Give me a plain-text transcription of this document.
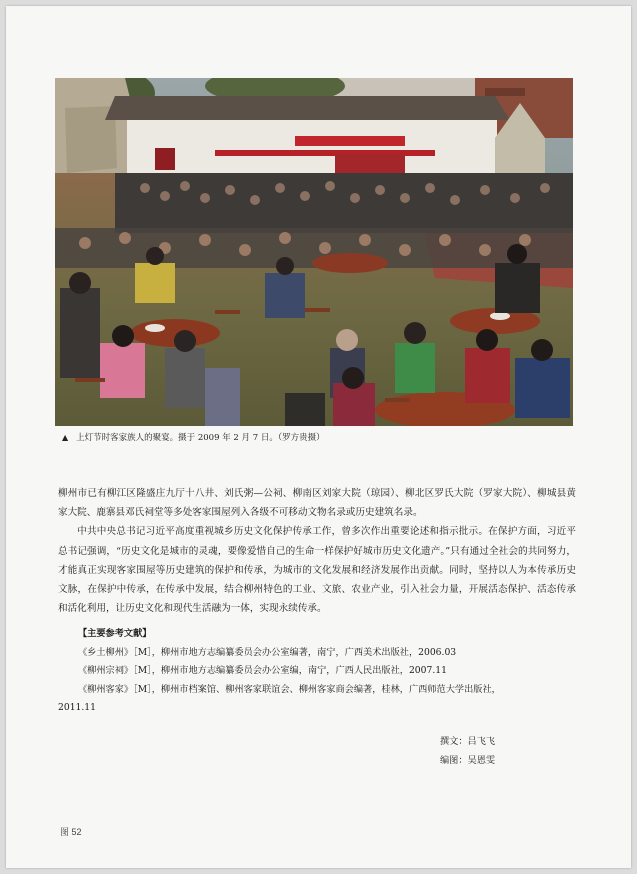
▲ 上灯节时客家族人的聚宴。摄于 2009 年 2 月 7 日。（罗方贵摄）

柳州市已有柳江区隆盛庄九厅十八井、刘氏粥—公祠、柳南区刘家大院（琼园）、柳北区罗氏大院（罗家大院）、柳城县黄家大院、鹿寨县邓氏祠堂等多处客家围屋列入各级不可移动文物名录或历史建筑名录。

中共中央总书记习近平高度重视城乡历史文化保护传承工作，曾多次作出重要论述和指示批示。在保护方面，习近平总书记强调，“历史文化是城市的灵魂，要像爱惜自己的生命一样保护好城市历史文化遗产。”只有通过全社会的共同努力，才能真正实现客家围屋等历史建筑的保护和传承，为城市的文化发展和经济发展作出贡献。同时，坚持以人为本传承历史文脉，在保护中传承，在传承中发展，结合柳州特色的工业、文旅、农业产业，引入社会力量，开展活态保护、活态传承和活化利用，让历史文化和现代生活融为一体，实现永续传承。

【主要参考文献】

《乡土柳州》［M］，柳州市地方志编纂委员会办公室编著，南宁，广西美术出版社，2006.03

《柳州宗祠》［M］，柳州市地方志编纂委员会办公室编，南宁，广西人民出版社，2007.11

《柳州客家》［M］，柳州市档案馆、柳州客家联谊会、柳州客家商会编著，桂林，广西师范大学出版社，

2011.11

撰文：吕飞飞
编图：吴恩雯
图 52
